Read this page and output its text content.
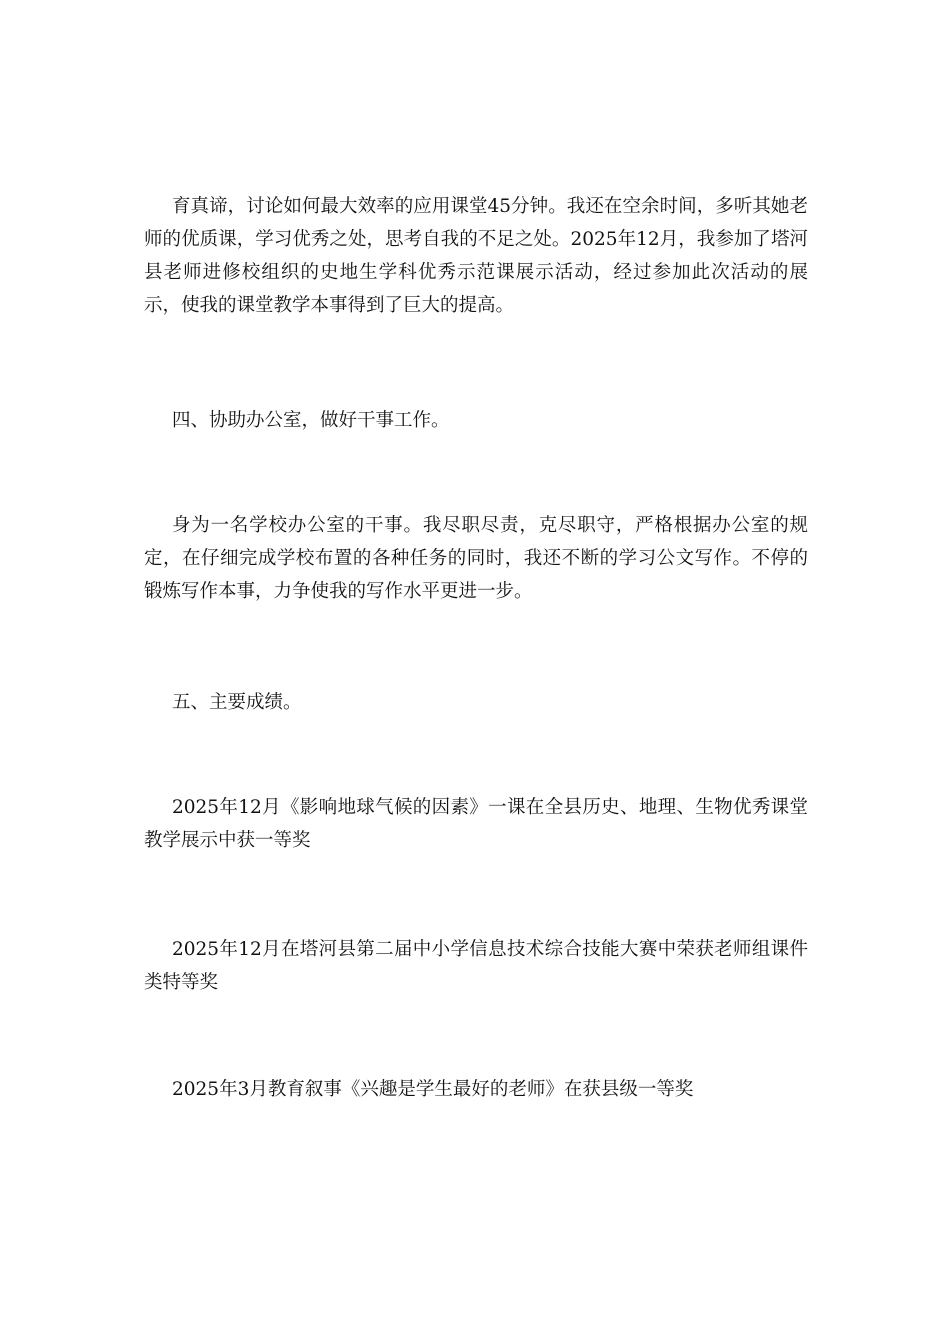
育真谛，讨论如何最大效率的应用课堂45分钟。我还在空余时间，多听其她老师的优质课，学习优秀之处，思考自我的不足之处。2025年12月，我参加了塔河县老师进修校组织的史地生学科优秀示范课展示活动，经过参加此次活动的展示，使我的课堂教学本事得到了巨大的提高。

四、协助办公室，做好干事工作。

身为一名学校办公室的干事。我尽职尽责，克尽职守，严格根据办公室的规定，在仔细完成学校布置的各种任务的同时，我还不断的学习公文写作。不停的锻炼写作本事，力争使我的写作水平更进一步。

五、主要成绩。

2025年12月《影响地球气候的因素》一课在全县历史、地理、生物优秀课堂教学展示中获一等奖

2025年12月在塔河县第二届中小学信息技术综合技能大赛中荣获老师组课件类特等奖

2025年3月教育叙事《兴趣是学生最好的老师》在获县级一等奖
